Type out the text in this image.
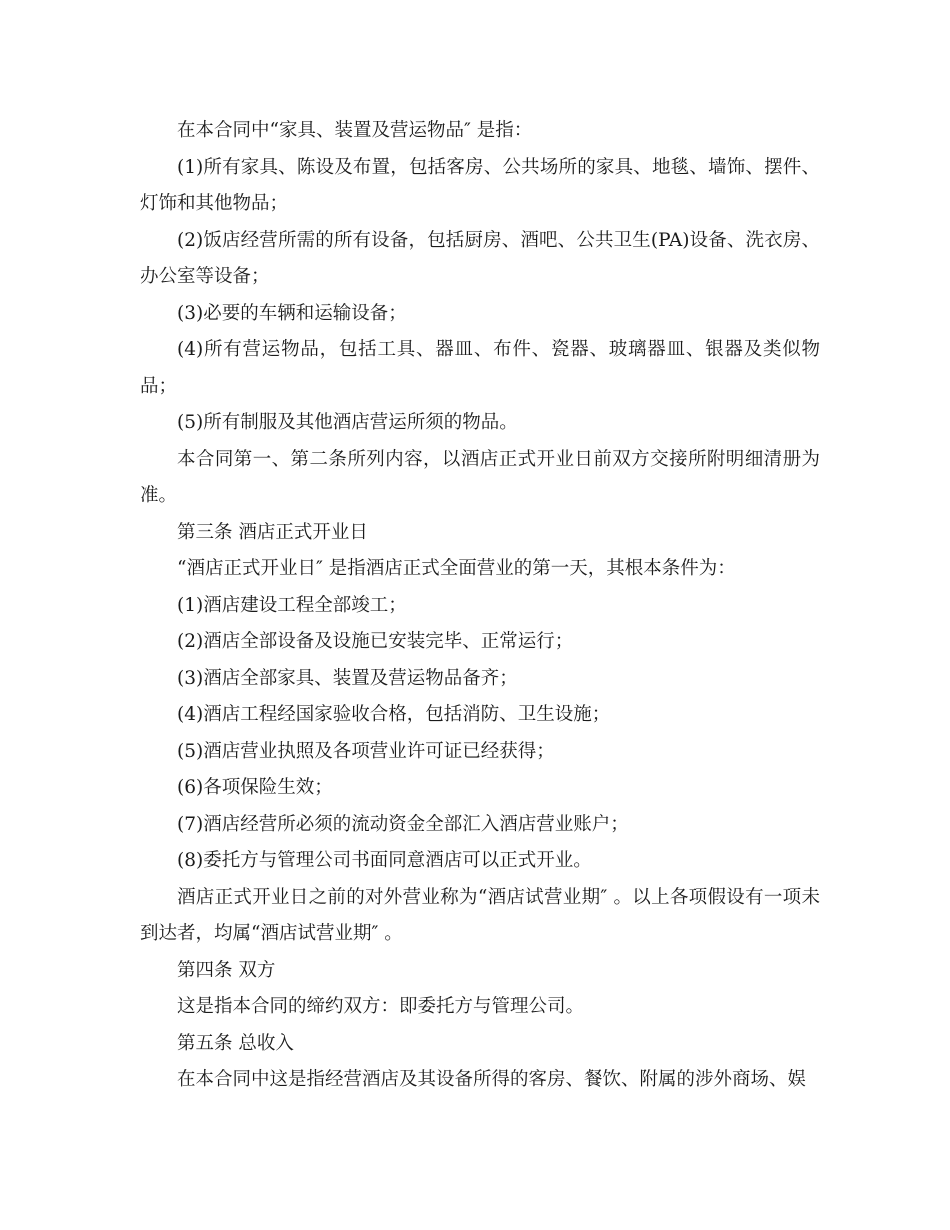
在本合同中“家具、装置及营运物品″ 是指：

(1)所有家具、陈设及布置，包括客房、公共场所的家具、地毯、墙饰、摆件、灯饰和其他物品；

(2)饭店经营所需的所有设备，包括厨房、酒吧、公共卫生(PA)设备、洗衣房、办公室等设备；

(3)必要的车辆和运输设备；

(4)所有营运物品，包括工具、器皿、布件、瓷器、玻璃器皿、银器及类似物品；

(5)所有制服及其他酒店营运所须的物品。

本合同第一、第二条所列内容，以酒店正式开业日前双方交接所附明细清册为准。

第三条 酒店正式开业日

“酒店正式开业日″ 是指酒店正式全面营业的第一天，其根本条件为：

(1)酒店建设工程全部竣工；

(2)酒店全部设备及设施已安装完毕、正常运行；

(3)酒店全部家具、装置及营运物品备齐；

(4)酒店工程经国家验收合格，包括消防、卫生设施；

(5)酒店营业执照及各项营业许可证已经获得；

(6)各项保险生效；

(7)酒店经营所必须的流动资金全部汇入酒店营业账户；

(8)委托方与管理公司书面同意酒店可以正式开业。

酒店正式开业日之前的对外营业称为“酒店试营业期″ 。以上各项假设有一项未到达者，均属“酒店试营业期″ 。

第四条 双方

这是指本合同的缔约双方：即委托方与管理公司。

第五条 总收入

在本合同中这是指经营酒店及其设备所得的客房、餐饮、附属的涉外商场、娱
